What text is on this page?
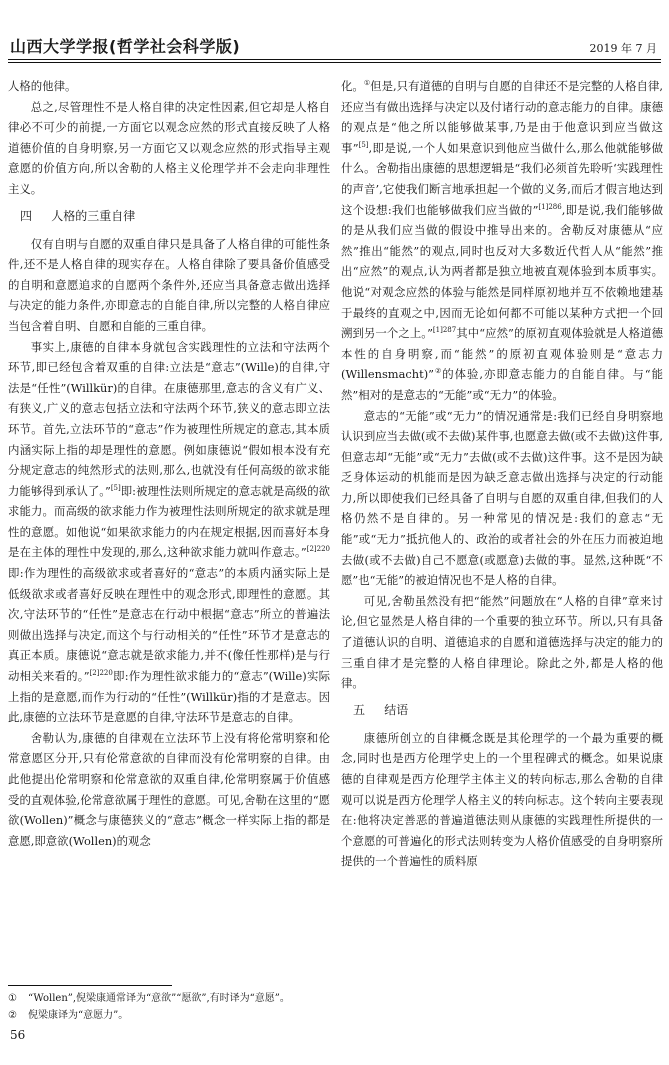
山西大学学报(哲学社会科学版)	2019 年 7 月

人格的他律。

总之,尽管理性不是人格自律的决定性因素,但它却是人格自律必不可少的前提,一方面它以观念应然的形式直接反映了人格道德价值的自身明察,另一方面它又以观念应然的形式指导主观意愿的价值方向,所以舍勒的人格主义伦理学并不会走向非理性主义。

四 人格的三重自律

仅有自明与自愿的双重自律只是具备了人格自律的可能性条件,还不是人格自律的现实存在。人格自律除了要具备价值感受的自明和意愿追求的自愿两个条件外,还应当具备意志做出选择与决定的能力条件,亦即意志的自能自律,所以完整的人格自律应当包含着自明、自愿和自能的三重自律。

事实上,康德的自律本身就包含实践理性的立法和守法两个环节,即已经包含着双重的自律:立法是“意志”(Wille)的自律,守法是“任性”(Willkür)的自律。在康德那里,意志的含义有广义、有狭义,广义的意志包括立法和守法两个环节,狭义的意志即立法环节。首先,立法环节的“意志”作为被理性所规定的意志,其本质内涵实际上指的却是理性的意愿。例如康德说“假如根本没有充分规定意志的纯然形式的法则,那么,也就没有任何高级的欲求能力能够得到承认了。”[5]即:被理性法则所规定的意志就是高级的欲求能力。而高级的欲求能力作为被理性法则所规定的欲求就是理性的意愿。如他说“如果欲求能力的内在规定根据,因而喜好本身是在主体的理性中发现的,那么,这种欲求能力就叫作意志。”$^{[2]220}$即:作为理性的高级欲求或者喜好的“意志”的本质内涵实际上是低级欲求或者喜好反映在理性中的观念形式,即理性的意愿。其次,守法环节的“任性”是意志在行动中根据“意志”所立的普遍法则做出选择与决定,而这个与行动相关的“任性”环节才是意志的真正本质。康德说“意志就是欲求能力,并不(像任性那样)是与行动相关来看的。”$^{[2]220}$即:作为理性欲求能力的“意志”(Wille)实际上指的是意愿,而作为行动的“任性”(Willkür)指的才是意志。因此,康德的立法环节是意愿的自律,守法环节是意志的自律。

舍勒认为,康德的自律观在立法环节上没有将伦常明察和伦常意愿区分开,只有伦常意欲的自律而没有伦常明察的自律。由此他提出伦常明察和伦常意欲的双重自律,伦常明察属于价值感受的直观体验,伦常意欲属于理性的意愿。可见,舍勒在这里的“愿欲(Wollen)”概念与康德狭义的“意志”概念一样实际上指的都是意愿,即意欲(Wollen)的观念

化。①但是,只有道德的自明与自愿的自律还不是完整的人格自律,还应当有做出选择与决定以及付诸行动的意志能力的自律。康德的观点是“他之所以能够做某事,乃是由于他意识到应当做这事”[5],即是说,一个人如果意识到他应当做什么,那么他就能够做什么。舍勒指出康德的思想逻辑是“我们必须首先聆听‘实践理性的声音’,它使我们断言地承担起一个做的义务,而后才假言地达到这个设想:我们也能够做我们应当做的”$^{[1]286}$,即是说,我们能够做的是从我们应当做的假设中推导出来的。舍勒反对康德从“应然”推出“能然”的观点,同时也反对大多数近代哲人从“能然”推出“应然”的观点,认为两者都是独立地被直观体验到本质事实。他说“对观念应然的体验与能然是同样原初地并互不依赖地建基于最终的直观之中,因而无论如何都不可能以某种方式把一个回溯到另一个之上。”$^{[1]287}$其中“应然”的原初直观体验就是人格道德本性的自身明察,而“能然”的原初直观体验则是“意志力(Willensmacht)”②的体验,亦即意志能力的自能自律。与“能然”相对的是意志的“无能”或“无力”的体验。

意志的“无能”或“无力”的情况通常是:我们已经自身明察地认识到应当去做(或不去做)某件事,也愿意去做(或不去做)这件事,但意志却“无能”或“无力”去做(或不去做)这件事。这不是因为缺乏身体运动的机能而是因为缺乏意志做出选择与决定的行动能力,所以即使我们已经具备了自明与自愿的双重自律,但我们的人格仍然不是自律的。另一种常见的情况是:我们的意志“无能”或“无力”抵抗他人的、政治的或者社会的外在压力而被迫地去做(或不去做)自己不愿意(或愿意)去做的事。显然,这种既“不愿”也“无能”的被迫情况也不是人格的自律。

可见,舍勒虽然没有把“能然”问题放在“人格的自律”章来讨论,但它显然是人格自律的一个重要的独立环节。所以,只有具备了道德认识的自明、道德追求的自愿和道德选择与决定的能力的三重自律才是完整的人格自律理论。除此之外,都是人格的他律。

五 结语

康德所创立的自律概念既是其伦理学的一个最为重要的概念,同时也是西方伦理学史上的一个里程碑式的概念。如果说康德的自律观是西方伦理学主体主义的转向标志,那么舍勒的自律观可以说是西方伦理学人格主义的转向标志。这个转向主要表现在:他将决定善恶的普遍道德法则从康德的实践理性所提供的一个意愿的可普遍化的形式法则转变为人格价值感受的自身明察所提供的一个普遍性的质料原

① “Wollen”,倪梁康通常译为“意欲”“愿欲”,有时译为“意愿”。
② 倪梁康译为“意愿力”。
56
